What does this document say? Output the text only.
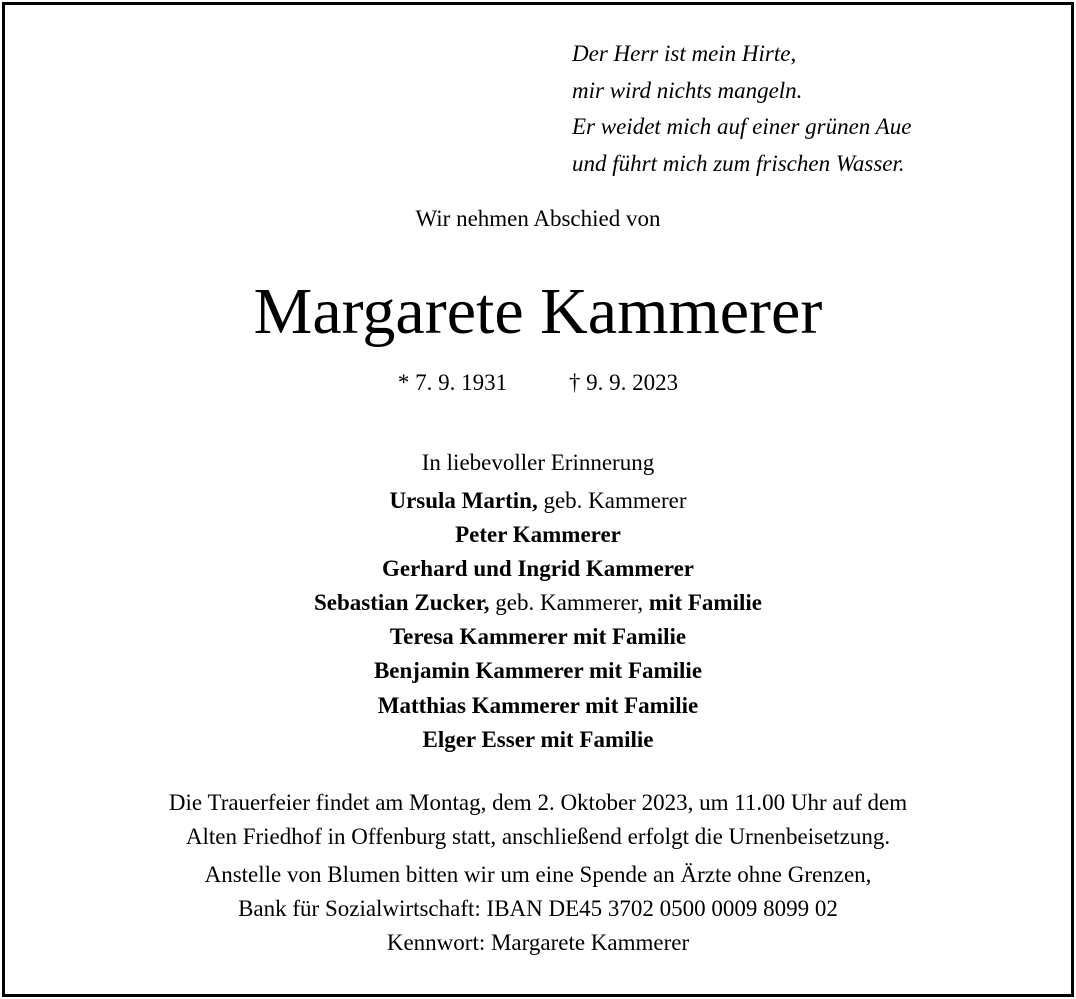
Der Herr ist mein Hirte,
mir wird nichts mangeln.
Er weidet mich auf einer grünen Aue
und führt mich zum frischen Wasser.
Wir nehmen Abschied von
Margarete Kammerer
* 7. 9. 1931	† 9. 9. 2023
In liebevoller Erinnerung
Ursula Martin, geb. Kammerer
Peter Kammerer
Gerhard und Ingrid Kammerer
Sebastian Zucker, geb. Kammerer, mit Familie
Teresa Kammerer mit Familie
Benjamin Kammerer mit Familie
Matthias Kammerer mit Familie
Elger Esser mit Familie
Die Trauerfeier findet am Montag, dem 2. Oktober 2023, um 11.00 Uhr auf dem
Alten Friedhof in Offenburg statt, anschließend erfolgt die Urnenbeisetzung.
Anstelle von Blumen bitten wir um eine Spende an Ärzte ohne Grenzen,
Bank für Sozialwirtschaft: IBAN DE45 3702 0500 0009 8099 02
Kennwort: Margarete Kammerer
